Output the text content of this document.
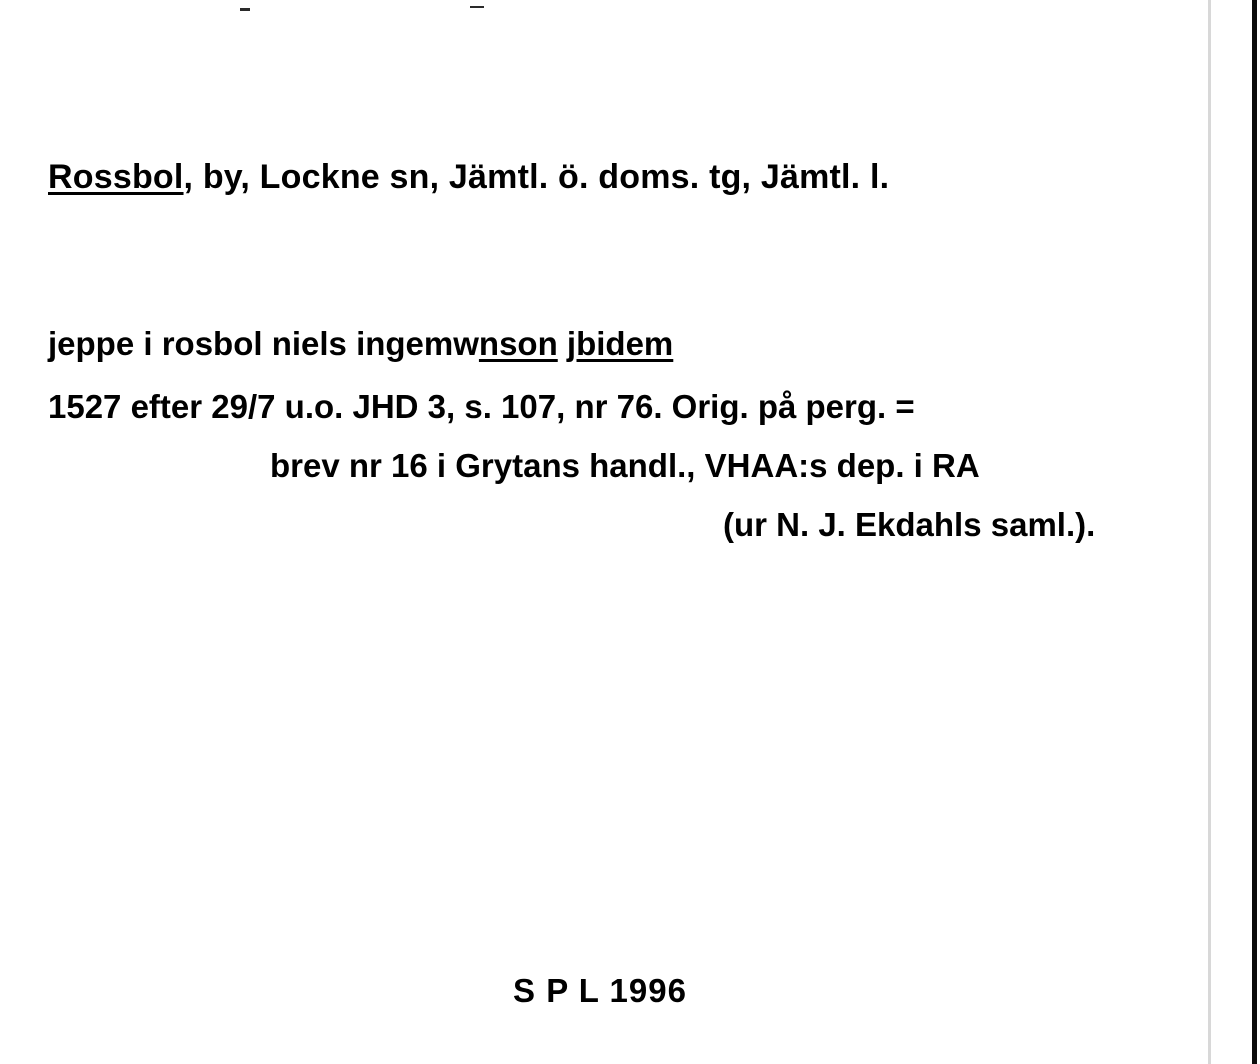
Rossbol, by, Lockne sn, Jämtl. ö. doms. tg, Jämtl. l.
jeppe i rosbol niels ingemwnson jbidem
1527 efter 29/7 u.o. JHD 3, s. 107, nr 76. Orig. på perg. =
brev nr 16 i Grytans handl., VHAA:s dep. i RA
(ur N. J. Ekdahls saml.).
S P L 1996
